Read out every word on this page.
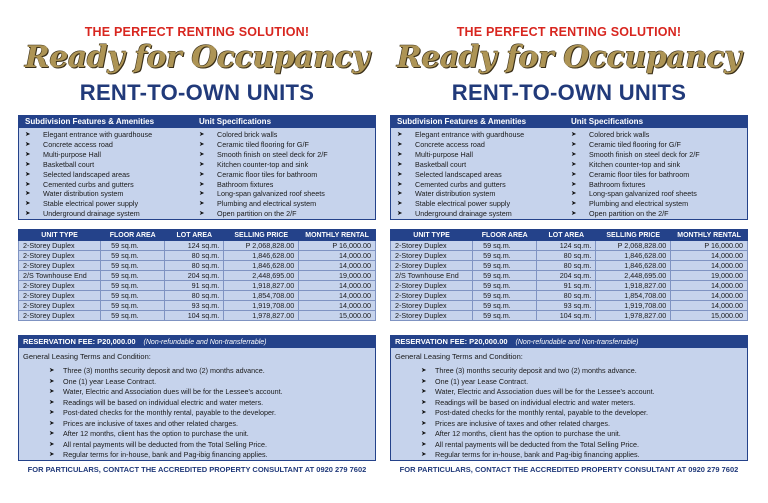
THE PERFECT RENTING SOLUTION!
Ready for Occupancy
RENT-TO-OWN UNITS
Subdivision Features & Amenities	Unit Specifications
➤	Elegant entrance with guardhouse
➤	Concrete access road
➤	Multi-purpose Hall
➤	Basketball court
➤	Selected landscaped areas
➤	Cemented curbs and gutters
➤	Water distribution system
➤	Stable electrical power supply
➤	Underground drainage system
➤	Colored brick walls
➤	Ceramic tiled flooring for G/F
➤	Smooth finish on steel deck for 2/F
➤	Kitchen counter-top and sink
➤	Ceramic floor tiles for bathroom
➤	Bathroom fixtures
➤	Long-span galvanized roof sheets
➤	Plumbing and electrical system
➤	Open partition on the 2/F
UNIT TYPE	FLOOR AREA	LOT AREA	SELLING PRICE	MONTHLY RENTAL
2-Storey Duplex	59 sq.m.	124 sq.m.	P 2,068,828.00	P 16,000.00
2-Storey Duplex	59 sq.m.	80 sq.m.	1,846,628.00	14,000.00
2-Storey Duplex	59 sq.m.	80 sq.m.	1,846,628.00	14,000.00
2/S Townhouse End	59 sq.m.	204 sq.m.	2,448,695.00	19,000.00
2-Storey Duplex	59 sq.m.	91 sq.m.	1,918,827.00	14,000.00
2-Storey Duplex	59 sq.m.	80 sq.m.	1,854,708.00	14,000.00
2-Storey Duplex	59 sq.m.	93 sq.m.	1,919,708.00	14,000.00
2-Storey Duplex	59 sq.m.	104 sq.m.	1,978,827.00	15,000.00
RESERVATION FEE: P20,000.00 (Non-refundable and Non-transferrable)
General Leasing Terms and Condition:
➤	Three (3) months security deposit and two (2) months advance.
➤	One (1) year Lease Contract.
➤	Water, Electric and Association dues will be for the Lessee's account.
➤	Readings will be based on individual electric and water meters.
➤	Post-dated checks for the monthly rental, payable to the developer.
➤	Prices are inclusive of taxes and other related charges.
➤	After 12 months, client has the option to purchase the unit.
➤	All rental payments will be deducted from the Total Selling Price.
➤	Regular terms for in-house, bank and Pag-ibig financing applies.
FOR PARTICULARS, CONTACT THE ACCREDITED PROPERTY CONSULTANT AT 0920 279 7602
THE PERFECT RENTING SOLUTION!
Ready for Occupancy
RENT-TO-OWN UNITS
Subdivision Features & Amenities	Unit Specifications
➤	Elegant entrance with guardhouse
➤	Concrete access road
➤	Multi-purpose Hall
➤	Basketball court
➤	Selected landscaped areas
➤	Cemented curbs and gutters
➤	Water distribution system
➤	Stable electrical power supply
➤	Underground drainage system
➤	Colored brick walls
➤	Ceramic tiled flooring for G/F
➤	Smooth finish on steel deck for 2/F
➤	Kitchen counter-top and sink
➤	Ceramic floor tiles for bathroom
➤	Bathroom fixtures
➤	Long-span galvanized roof sheets
➤	Plumbing and electrical system
➤	Open partition on the 2/F
UNIT TYPE	FLOOR AREA	LOT AREA	SELLING PRICE	MONTHLY RENTAL
2-Storey Duplex	59 sq.m.	124 sq.m.	P 2,068,828.00	P 16,000.00
2-Storey Duplex	59 sq.m.	80 sq.m.	1,846,628.00	14,000.00
2-Storey Duplex	59 sq.m.	80 sq.m.	1,846,628.00	14,000.00
2/S Townhouse End	59 sq.m.	204 sq.m.	2,448,695.00	19,000.00
2-Storey Duplex	59 sq.m.	91 sq.m.	1,918,827.00	14,000.00
2-Storey Duplex	59 sq.m.	80 sq.m.	1,854,708.00	14,000.00
2-Storey Duplex	59 sq.m.	93 sq.m.	1,919,708.00	14,000.00
2-Storey Duplex	59 sq.m.	104 sq.m.	1,978,827.00	15,000.00
RESERVATION FEE: P20,000.00 (Non-refundable and Non-transferrable)
General Leasing Terms and Condition:
➤	Three (3) months security deposit and two (2) months advance.
➤	One (1) year Lease Contract.
➤	Water, Electric and Association dues will be for the Lessee's account.
➤	Readings will be based on individual electric and water meters.
➤	Post-dated checks for the monthly rental, payable to the developer.
➤	Prices are inclusive of taxes and other related charges.
➤	After 12 months, client has the option to purchase the unit.
➤	All rental payments will be deducted from the Total Selling Price.
➤	Regular terms for in-house, bank and Pag-ibig financing applies.
FOR PARTICULARS, CONTACT THE ACCREDITED PROPERTY CONSULTANT AT 0920 279 7602
